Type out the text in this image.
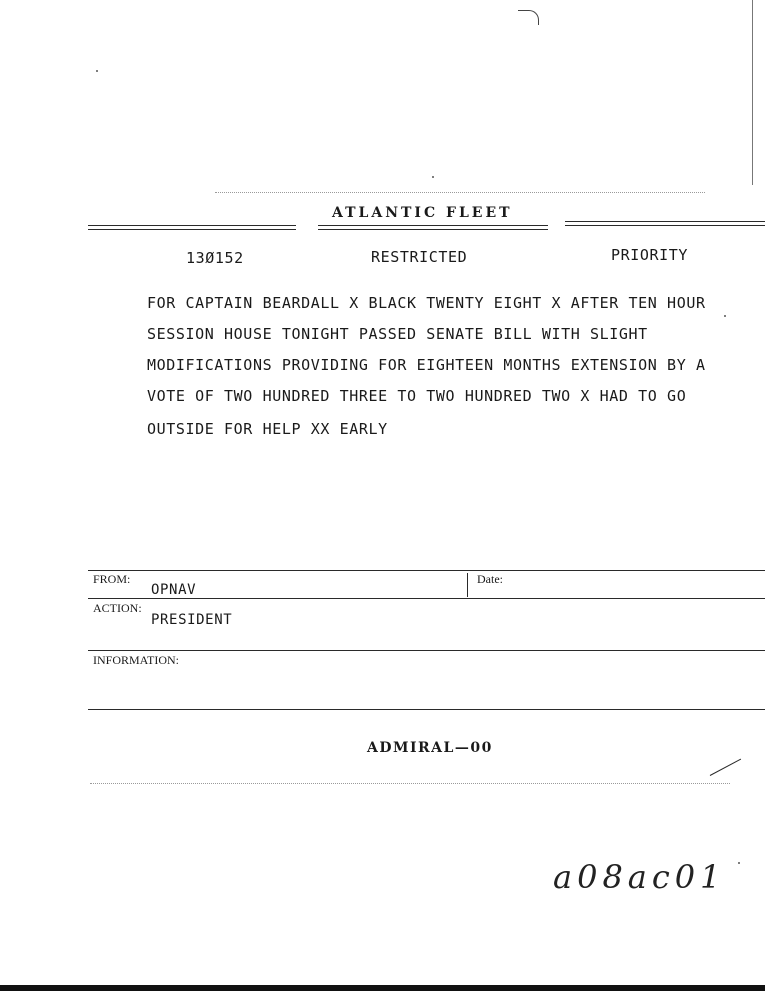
ATLANTIC FLEET
13Ø152	RESTRICTED	PRIORITY
FOR CAPTAIN BEARDALL X BLACK TWENTY EIGHT X AFTER TEN HOUR
SESSION HOUSE TONIGHT PASSED SENATE BILL WITH SLIGHT
MODIFICATIONS PROVIDING FOR EIGHTEEN MONTHS EXTENSION BY A
VOTE OF TWO HUNDRED THREE TO TWO HUNDRED TWO X HAD TO GO
OUTSIDE FOR HELP XX EARLY
FROM:
OPNAV
Date:
ACTION:
PRESIDENT
INFORMATION:
ADMIRAL—00
a08ac01
